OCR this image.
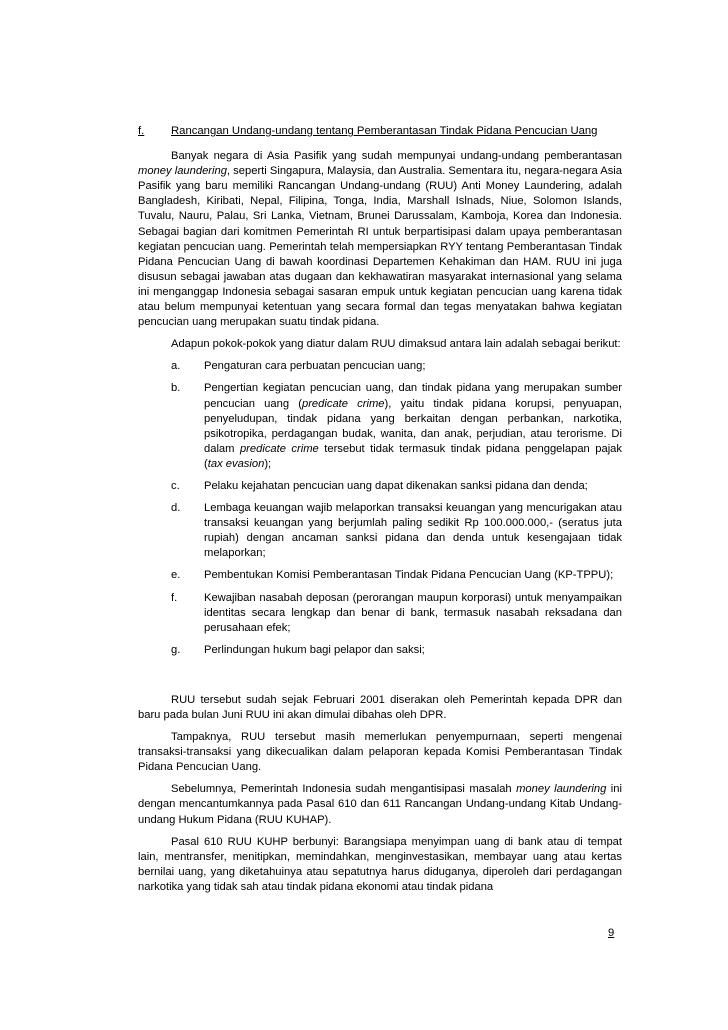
f.	Rancangan Undang-undang tentang Pemberantasan Tindak Pidana Pencucian Uang

Banyak negara di Asia Pasifik yang sudah mempunyai undang-undang pemberantasan money laundering, seperti Singapura, Malaysia, dan Australia. Sementara itu, negara-negara Asia Pasifik yang baru memiliki Rancangan Undang-undang (RUU) Anti Money Laundering, adalah Bangladesh, Kiribati, Nepal, Filipina, Tonga, India, Marshall Islnads, Niue, Solomon Islands, Tuvalu, Nauru, Palau, Sri Lanka, Vietnam, Brunei Darussalam, Kamboja, Korea dan Indonesia. Sebagai bagian dari komitmen Pemerintah RI untuk berpartisipasi dalam upaya pemberantasan kegiatan pencucian uang. Pemerintah telah mempersiapkan RYY tentang Pemberantasan Tindak Pidana Pencucian Uang di bawah koordinasi Departemen Kehakiman dan HAM. RUU ini juga disusun sebagai jawaban atas dugaan dan kekhawatiran masyarakat internasional yang selama ini menganggap Indonesia sebagai sasaran empuk untuk kegiatan pencucian uang karena tidak atau belum mempunyai ketentuan yang secara formal dan tegas menyatakan bahwa kegiatan pencucian uang merupakan suatu tindak pidana.

Adapun pokok-pokok yang diatur dalam RUU dimaksud antara lain adalah sebagai berikut:

a.	Pengaturan cara perbuatan pencucian uang;
b.	Pengertian kegiatan pencucian uang, dan tindak pidana yang merupakan sumber pencucian uang (predicate crime), yaitu tindak pidana korupsi, penyuapan, penyeludupan, tindak pidana yang berkaitan dengan perbankan, narkotika, psikotropika, perdagangan budak, wanita, dan anak, perjudian, atau terorisme. Di dalam predicate crime tersebut tidak termasuk tindak pidana penggelapan pajak (tax evasion);
c.	Pelaku kejahatan pencucian uang dapat dikenakan sanksi pidana dan denda;
d.	Lembaga keuangan wajib melaporkan transaksi keuangan yang mencurigakan atau transaksi keuangan yang berjumlah paling sedikit Rp 100.000.000,- (seratus juta rupiah) dengan ancaman sanksi pidana dan denda untuk kesengajaan tidak melaporkan;
e.	Pembentukan Komisi Pemberantasan Tindak Pidana Pencucian Uang (KP-TPPU);
f.	Kewajiban nasabah deposan (perorangan maupun korporasi) untuk menyampaikan identitas secara lengkap dan benar di bank, termasuk nasabah reksadana dan perusahaan efek;
g.	Perlindungan hukum bagi pelapor dan saksi;

RUU tersebut sudah sejak Februari 2001 diserakan oleh Pemerintah kepada DPR dan baru pada bulan Juni RUU ini akan dimulai dibahas oleh DPR.

Tampaknya, RUU tersebut masih memerlukan penyempurnaan, seperti mengenai transaksi-transaksi yang dikecualikan dalam pelaporan kepada Komisi Pemberantasan Tindak Pidana Pencucian Uang.

Sebelumnya, Pemerintah Indonesia sudah mengantisipasi masalah money laundering ini dengan mencantumkannya pada Pasal 610 dan 611 Rancangan Undang-undang Kitab Undang-undang Hukum Pidana (RUU KUHAP).

Pasal 610 RUU KUHP berbunyi: Barangsiapa menyimpan uang di bank atau di tempat lain, mentransfer, menitipkan, memindahkan, menginvestasikan, membayar uang atau kertas bernilai uang, yang diketahuinya atau sepatutnya harus diduganya, diperoleh dari perdagangan narkotika yang tidak sah atau tindak pidana ekonomi atau tindak pidana

9
